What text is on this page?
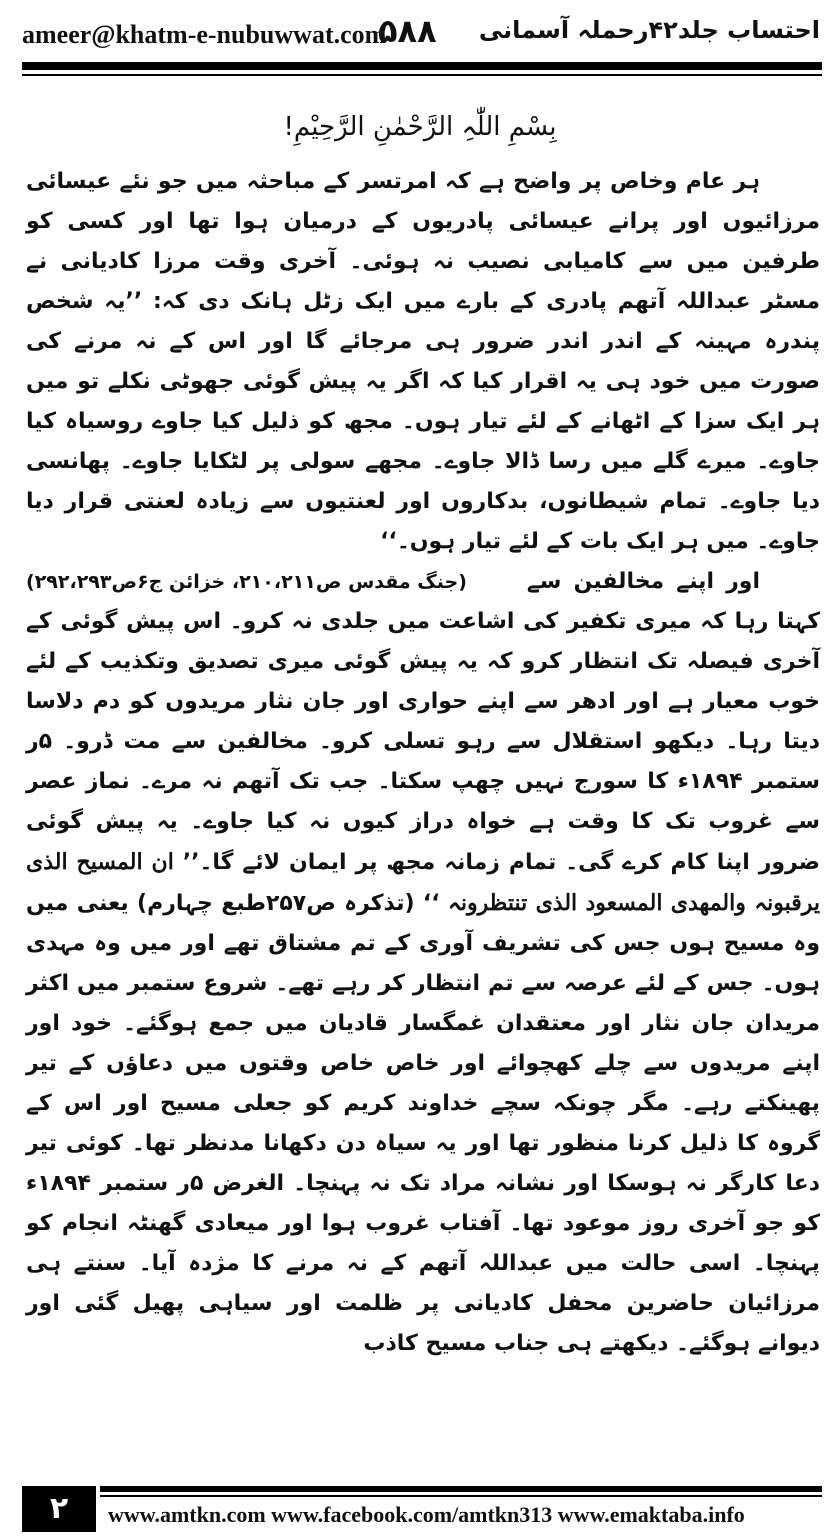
ameer@khatm-e-nubuwwat.com
۵۸۸ احتساب جلد۴۲رحملہ آسمانی
بِسْمِ اللّٰہِ الرَّحْمٰنِ الرَّحِیْمِ!

ہر عام وخاص پر واضح ہے کہ امرتسر کے مباحثہ میں جو نئے عیسائی مرزائیوں اور پرانے عیسائی پادریوں کے درمیان ہوا تھا اور کسی کو طرفین میں سے کامیابی نصیب نہ ہوئی۔ آخری وقت مرزا کادیانی نے مسٹر عبداللہ آتھم پادری کے بارے میں ایک زٹل ہانک دی کہ: ’’یہ شخص پندرہ مہینہ کے اندر اندر ضرور ہی مرجائے گا اور اس کے نہ مرنے کی صورت میں خود ہی یہ اقرار کیا کہ اگر یہ پیش گوئی جھوٹی نکلے تو میں ہر ایک سزا کے اٹھانے کے لئے تیار ہوں۔ مجھ کو ذلیل کیا جاوے روسیاہ کیا جاوے۔ میرے گلے میں رسا ڈالا جاوے۔ مجھے سولی پر لٹکایا جاوے۔ پھانسی دیا جاوے۔ تمام شیطانوں، بدکاروں اور لعنتیوں سے زیادہ لعنتی قرار دیا جاوے۔ میں ہر ایک بات کے لئے تیار ہوں۔‘‘
(جنگ مقدس ص۲۱۰،۲۱۱، خزائن ج۶ص۲۹۲،۲۹۳)	اور اپنے مخالفین سے کہتا رہا کہ میری تکفیر کی اشاعت میں جلدی نہ کرو۔ اس پیش گوئی کے آخری فیصلہ تک انتظار کرو کہ یہ پیش گوئی میری تصدیق وتکذیب کے لئے خوب معیار ہے اور ادھر سے اپنے حواری اور جان نثار مریدوں کو دم دلاسا دیتا رہا۔ دیکھو استقلال سے رہو تسلی کرو۔ مخالفین سے مت ڈرو۔ ۵ر ستمبر ۱۸۹۴ء کا سورج نہیں چھپ سکتا۔ جب تک آتھم نہ مرے۔ نماز عصر سے غروب تک کا وقت ہے خواہ دراز کیوں نہ کیا جاوے۔ یہ پیش گوئی ضرور اپنا کام کرے گی۔ تمام زمانہ مجھ پر ایمان لائے گا۔’’ ان المسیح الذی یرقبونہ والمھدی المسعود الذی تنتظرونہ ‘‘ (تذکرہ ص۲۵۷طبع چہارم) یعنی میں وہ مسیح ہوں جس کی تشریف آوری کے تم مشتاق تھے اور میں وہ مہدی ہوں۔ جس کے لئے عرصہ سے تم انتظار کر رہے تھے۔ شروع ستمبر میں اکثر مریدان جان نثار اور معتقدان غمگسار قادیان میں جمع ہوگئے۔ خود اور اپنے مریدوں سے چلے کھچوائے اور خاص خاص وقتوں میں دعاؤں کے تیر پھینکتے رہے۔ مگر چونکہ سچے خداوند کریم کو جعلی مسیح اور اس کے گروہ کا ذلیل کرنا منظور تھا اور یہ سیاہ دن دکھانا مدنظر تھا۔ کوئی تیر دعا کارگر نہ ہوسکا اور نشانہ مراد تک نہ پہنچا۔ الغرض ۵ر ستمبر ۱۸۹۴ء کو جو آخری روز موعود تھا۔ آفتاب غروب ہوا اور میعادی گھنٹہ انجام کو پہنچا۔ اسی حالت میں عبداللہ آتھم کے نہ مرنے کا مژدہ آیا۔ سنتے ہی مرزائیان حاضرین محفل کادیانی پر ظلمت اور سیاہی پھیل گئی اور دیوانے ہوگئے۔ دیکھتے ہی جناب مسیح کاذب

۲	www.amtkn.com www.facebook.com/amtkn313 www.emaktaba.info
